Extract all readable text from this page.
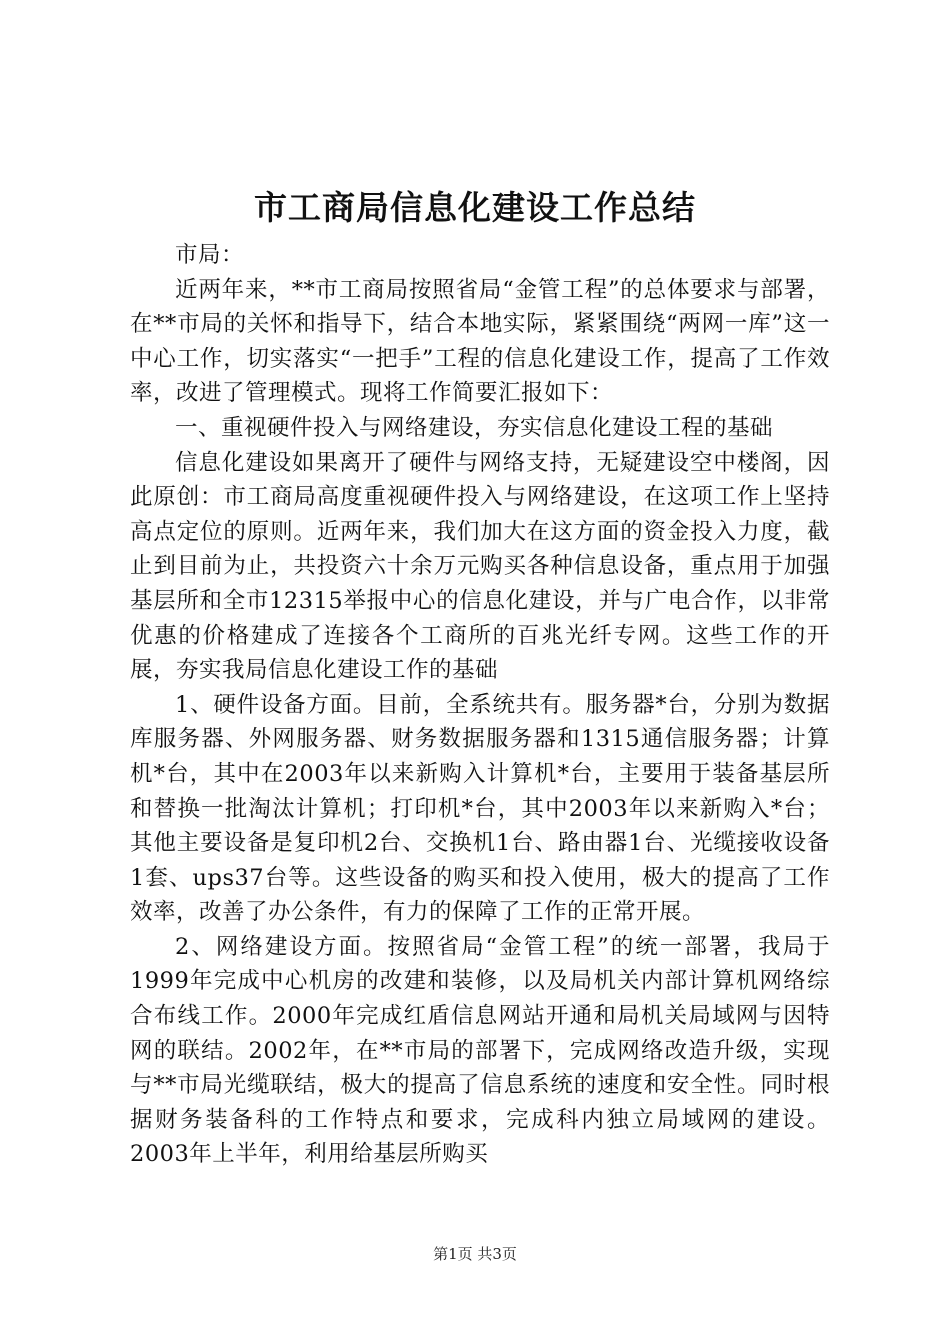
市工商局信息化建设工作总结

市局：

近两年来，**市工商局按照省局“金管工程”的总体要求与部署，在**市局的关怀和指导下，结合本地实际，紧紧围绕“两网一库”这一中心工作，切实落实“一把手”工程的信息化建设工作，提高了工作效率，改进了管理模式。现将工作简要汇报如下：

一、重视硬件投入与网络建设，夯实信息化建设工程的基础

信息化建设如果离开了硬件与网络支持，无疑建设空中楼阁，因此原创：市工商局高度重视硬件投入与网络建设，在这项工作上坚持高点定位的原则。近两年来，我们加大在这方面的资金投入力度，截止到目前为止，共投资六十余万元购买各种信息设备，重点用于加强基层所和全市12315举报中心的信息化建设，并与广电合作，以非常优惠的价格建成了连接各个工商所的百兆光纤专网。这些工作的开展，夯实我局信息化建设工作的基础

1、硬件设备方面。目前，全系统共有。服务器*台，分别为数据库服务器、外网服务器、财务数据服务器和1315通信服务器；计算机*台，其中在2003年以来新购入计算机*台，主要用于装备基层所和替换一批淘汰计算机；打印机*台，其中2003年以来新购入*台；其他主要设备是复印机2台、交换机1台、路由器1台、光缆接收设备1套、ups37台等。这些设备的购买和投入使用，极大的提高了工作效率，改善了办公条件，有力的保障了工作的正常开展。

2、网络建设方面。按照省局“金管工程”的统一部署，我局于1999年完成中心机房的改建和装修，以及局机关内部计算机网络综合布线工作。2000年完成红盾信息网站开通和局机关局域网与因特网的联结。2002年，在**市局的部署下，完成网络改造升级，实现与**市局光缆联结，极大的提高了信息系统的速度和安全性。同时根据财务装备科的工作特点和要求，完成科内独立局域网的建设。2003年上半年，利用给基层所购买

第1页 共3页
